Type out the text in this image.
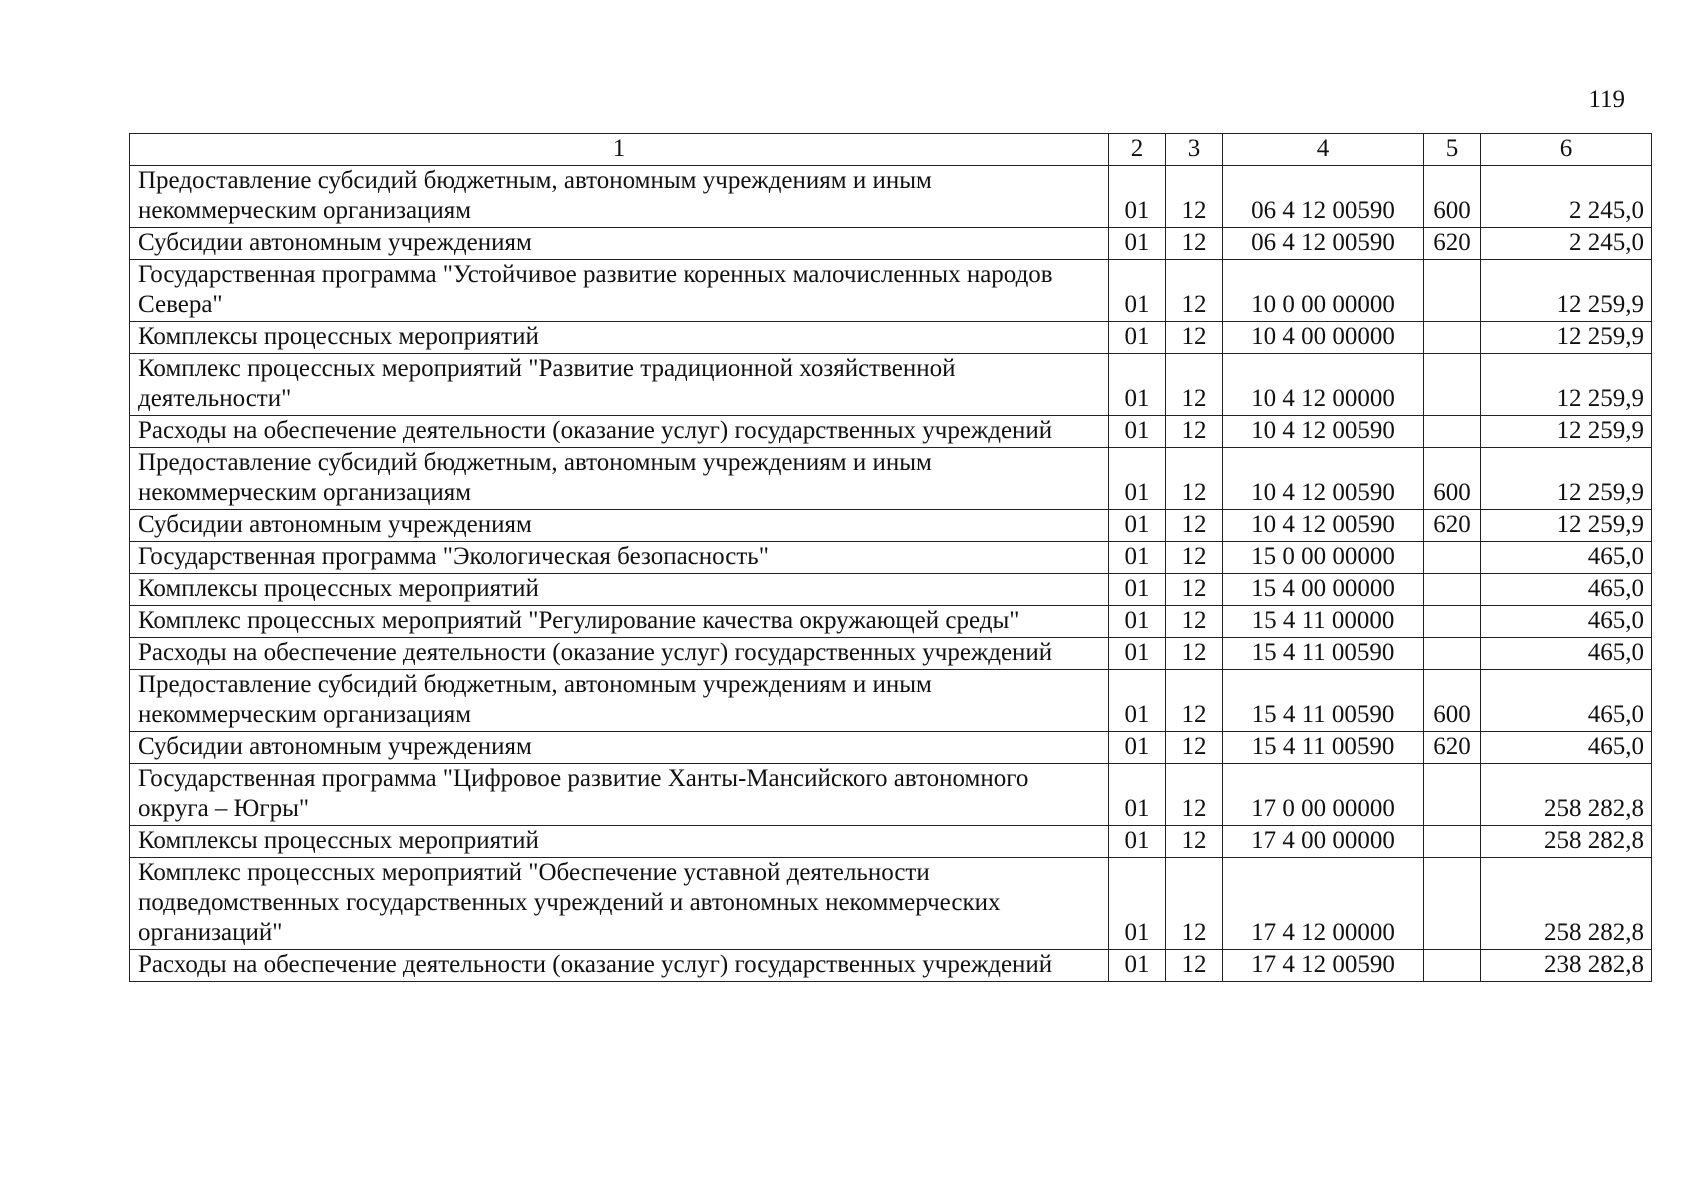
119
1	2	3	4	5	6
Предоставление субсидий бюджетным, автономным учреждениям и иным некоммерческим организациям	01	12	06 4 12 00590	600	2 245,0
Субсидии автономным учреждениям	01	12	06 4 12 00590	620	2 245,0
Государственная программа "Устойчивое развитие коренных малочисленных народов Севера"	01	12	10 0 00 00000		12 259,9
Комплексы процессных мероприятий	01	12	10 4 00 00000		12 259,9
Комплекс процессных мероприятий "Развитие традиционной хозяйственной деятельности"	01	12	10 4 12 00000		12 259,9
Расходы на обеспечение деятельности (оказание услуг) государственных учреждений	01	12	10 4 12 00590		12 259,9
Предоставление субсидий бюджетным, автономным учреждениям и иным некоммерческим организациям	01	12	10 4 12 00590	600	12 259,9
Субсидии автономным учреждениям	01	12	10 4 12 00590	620	12 259,9
Государственная программа "Экологическая безопасность"	01	12	15 0 00 00000		465,0
Комплексы процессных мероприятий	01	12	15 4 00 00000		465,0
Комплекс процессных мероприятий "Регулирование качества окружающей среды"	01	12	15 4 11 00000		465,0
Расходы на обеспечение деятельности (оказание услуг) государственных учреждений	01	12	15 4 11 00590		465,0
Предоставление субсидий бюджетным, автономным учреждениям и иным некоммерческим организациям	01	12	15 4 11 00590	600	465,0
Субсидии автономным учреждениям	01	12	15 4 11 00590	620	465,0
Государственная программа "Цифровое развитие Ханты-Мансийского автономного округа – Югры"	01	12	17 0 00 00000		258 282,8
Комплексы процессных мероприятий	01	12	17 4 00 00000		258 282,8
Комплекс процессных мероприятий "Обеспечение уставной деятельности подведомственных государственных учреждений и автономных некоммерческих организаций"	01	12	17 4 12 00000		258 282,8
Расходы на обеспечение деятельности (оказание услуг) государственных учреждений	01	12	17 4 12 00590		238 282,8
